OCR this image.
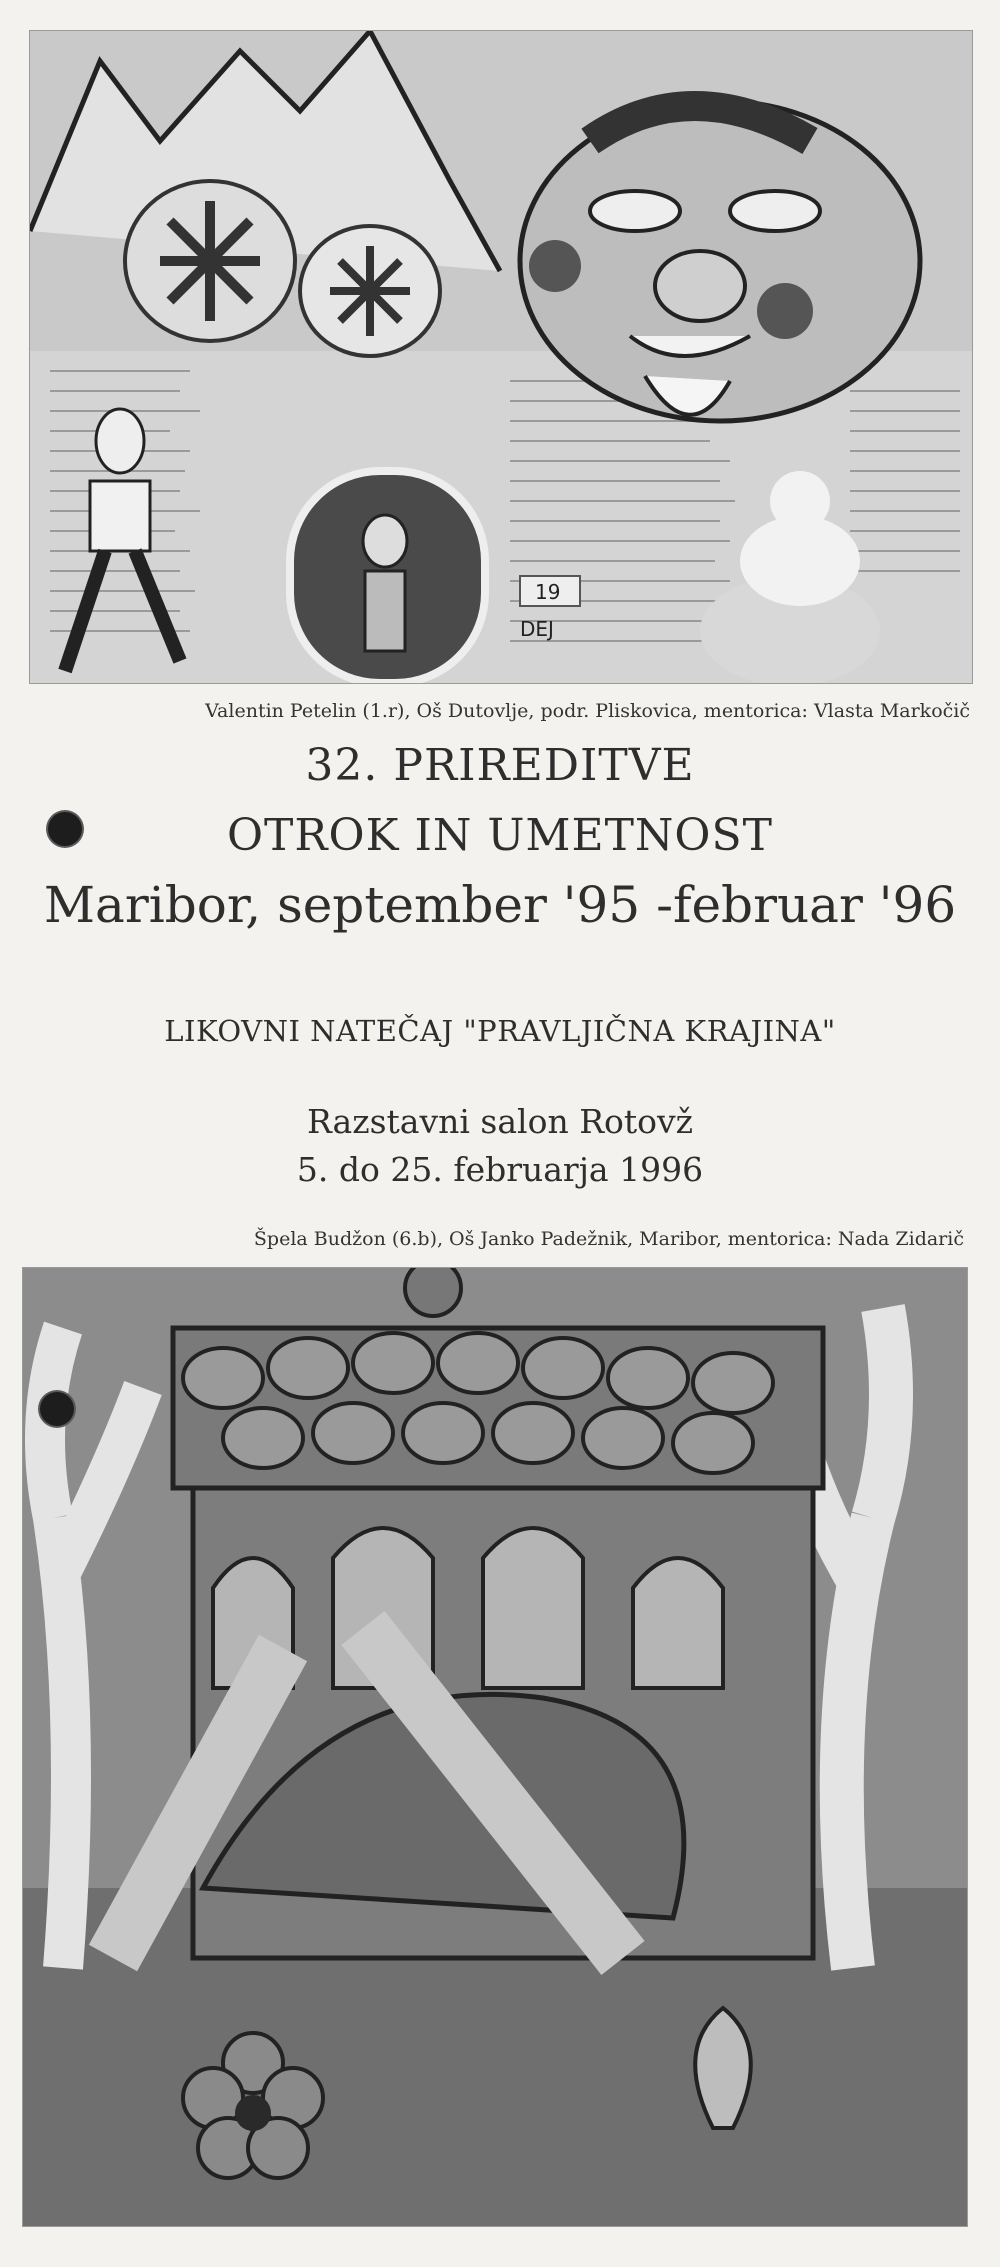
19
DEJ
Valentin Petelin (1.r), Oš Dutovlje, podr. Pliskovica, mentorica: Vlasta Markočič
32. PRIREDITVE
OTROK IN UMETNOST
Maribor, september '95 -februar '96
LIKOVNI NATEČAJ "PRAVLJIČNA KRAJINA"
Razstavni salon Rotovž
5. do 25. februarja 1996
Špela Budžon (6.b), Oš Janko Padežnik, Maribor, mentorica: Nada Zidarič
